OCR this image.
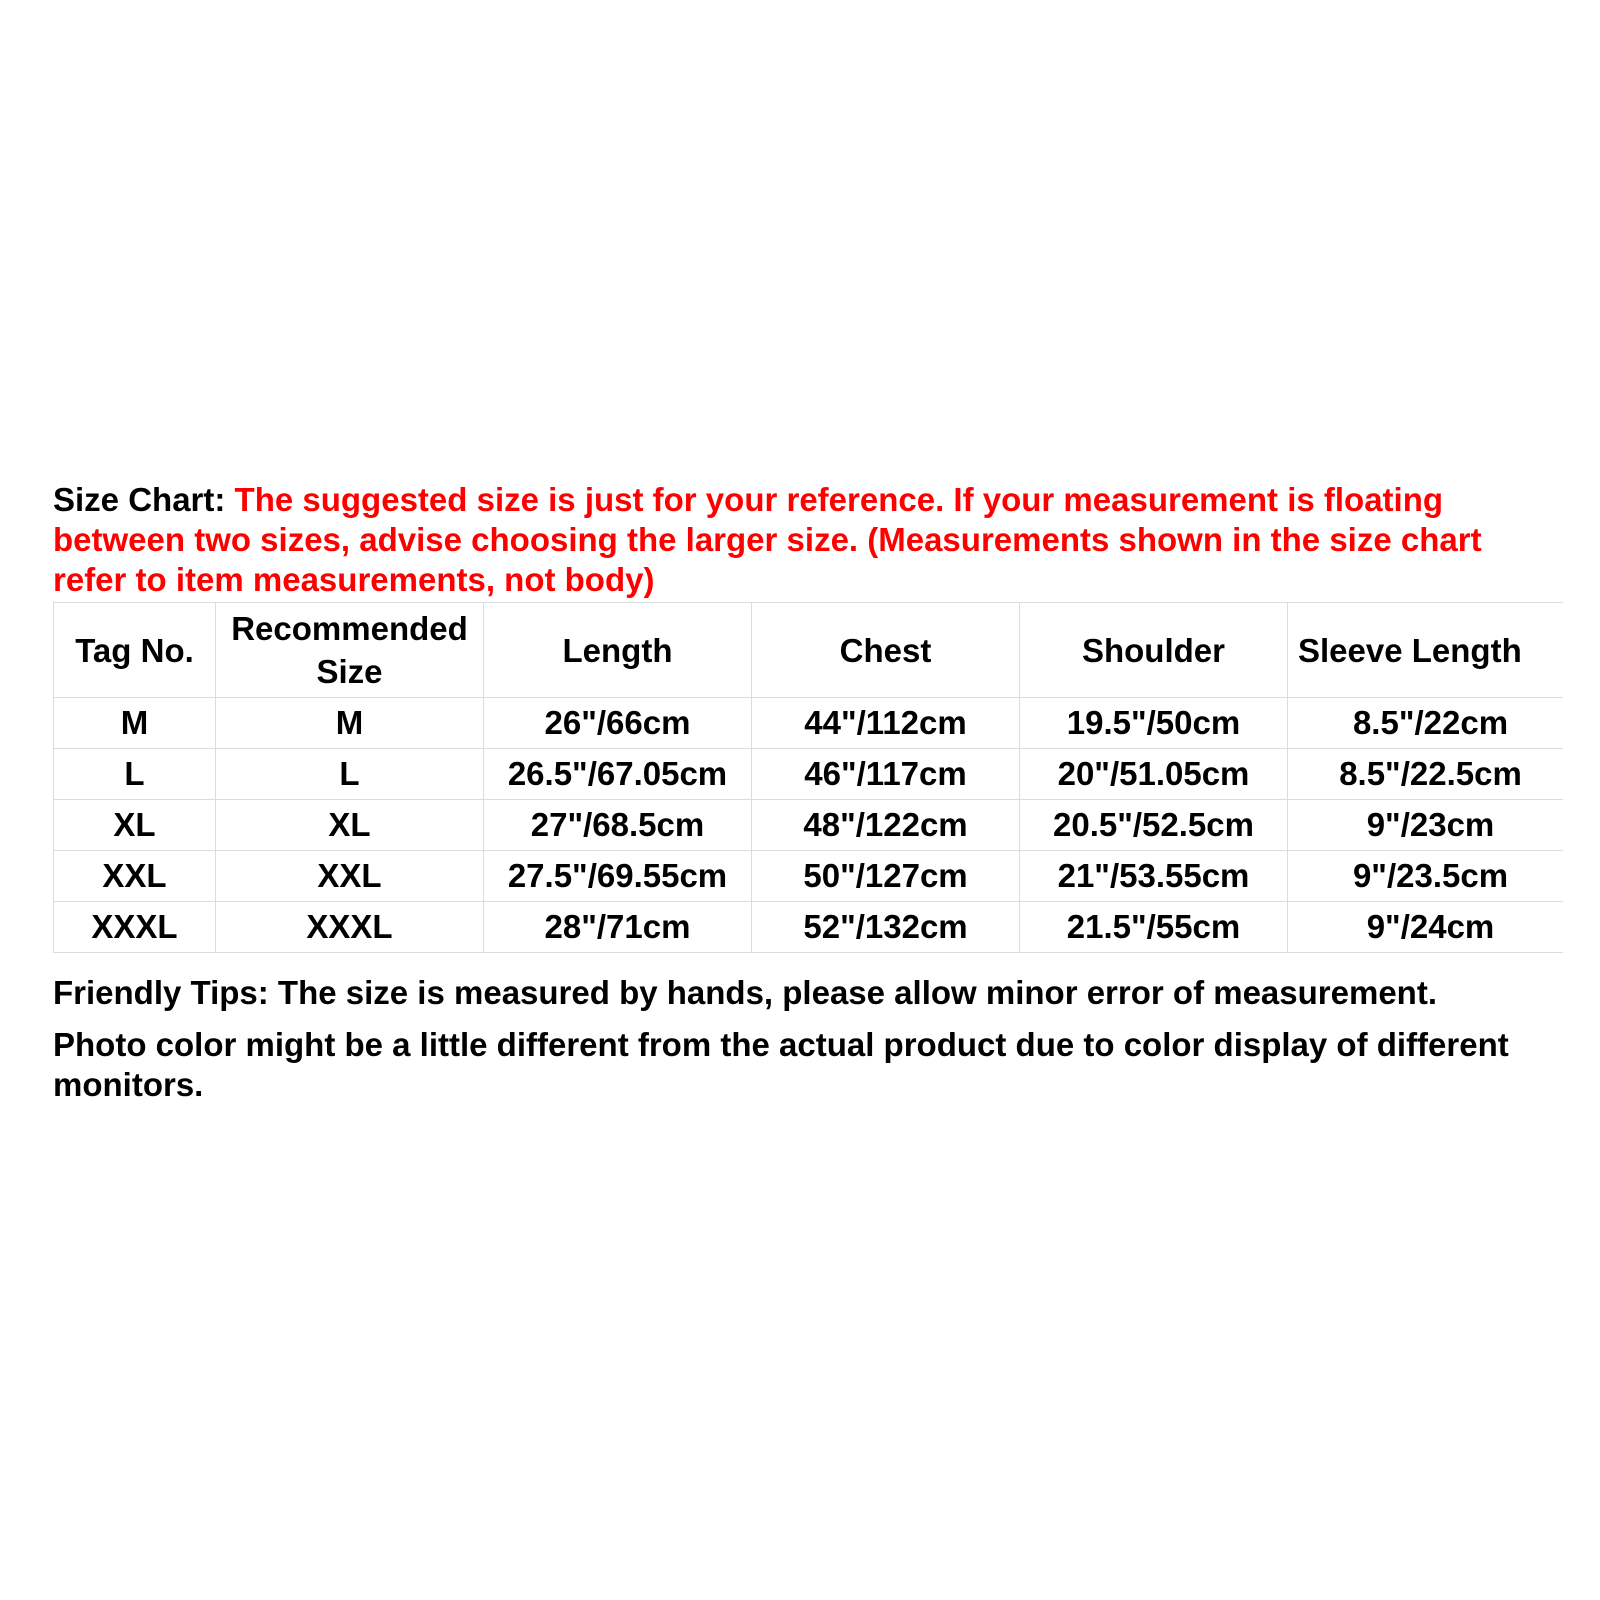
Size Chart: The suggested size is just for your reference. If your measurement is floating between two sizes, advise choosing the larger size. (Measurements shown in the size chart refer to item measurements, not body)

Tag No.	Recommended Size	Length	Chest	Shoulder	Sleeve Length
M	M	26"/66cm	44"/112cm	19.5"/50cm	8.5"/22cm
L	L	26.5"/67.05cm	46"/117cm	20"/51.05cm	8.5"/22.5cm
XL	XL	27"/68.5cm	48"/122cm	20.5"/52.5cm	9"/23cm
XXL	XXL	27.5"/69.55cm	50"/127cm	21"/53.55cm	9"/23.5cm
XXXL	XXXL	28"/71cm	52"/132cm	21.5"/55cm	9"/24cm

Friendly Tips: The size is measured by hands, please allow minor error of measurement.

Photo color might be a little different from the actual product due to color display of different monitors.
